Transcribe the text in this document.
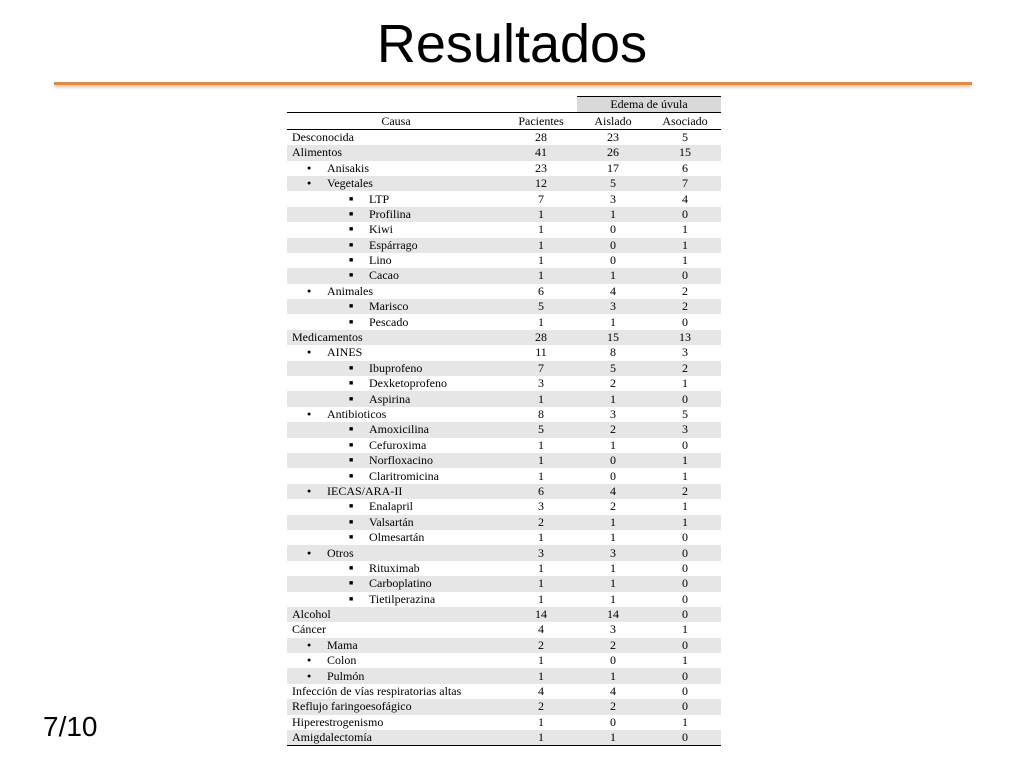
Resultados
		Edema de úvula	
Causa	Pacientes	Aislado	Asociado
Desconocida	28	23	5
Alimentos	41	26	15
●Anisakis	23	17	6
●Vegetales	12	5	7
■LTP	7	3	4
■Profilina	1	1	0
■Kiwi	1	0	1
■Espárrago	1	0	1
■Lino	1	0	1
■Cacao	1	1	0
●Animales	6	4	2
■Marisco	5	3	2
■Pescado	1	1	0
Medicamentos	28	15	13
●AINES	11	8	3
■Ibuprofeno	7	5	2
■Dexketoprofeno	3	2	1
■Aspirina	1	1	0
●Antibioticos	8	3	5
■Amoxicilina	5	2	3
■Cefuroxima	1	1	0
■Norfloxacino	1	0	1
■Claritromicina	1	0	1
●IECAS/ARA-II	6	4	2
■Enalapril	3	2	1
■Valsartán	2	1	1
■Olmesartán	1	1	0
●Otros	3	3	0
■Rituximab	1	1	0
■Carboplatino	1	1	0
■Tietilperazina	1	1	0
Alcohol	14	14	0
Cáncer	4	3	1
●Mama	2	2	0
●Colon	1	0	1
●Pulmón	1	1	0
Infección de vías respiratorias altas	4	4	0
Reflujo faringoesofágico	2	2	0
Hiperestrogenismo	1	0	1
Amigdalectomía	1	1	0
7/10
